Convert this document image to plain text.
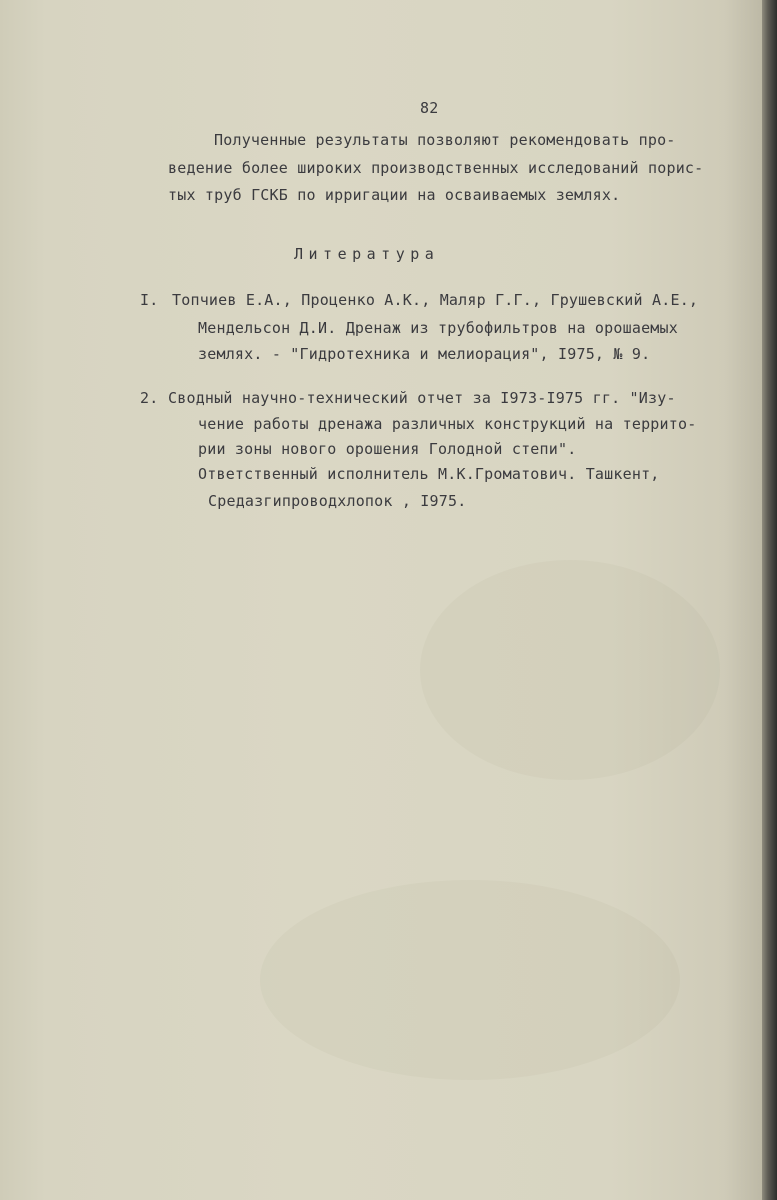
82
Полученные результаты позволяют рекомендовать про-
ведение более широких производственных исследований порис-
тых труб ГСКБ по ирригации на осваиваемых землях.
Литература
I. Топчиев Е.А., Проценко А.К., Маляр Г.Г., Грушевский А.Е.,
Мендельсон Д.И. Дренаж из трубофильтров на орошаемых
землях. - "Гидротехника и мелиорация", I975, № 9.
2. Сводный научно-технический отчет за I973-I975 гг. "Изу-
чение работы дренажа различных конструкций на террито-
рии зоны нового орошения Голодной степи".
Ответственный исполнитель М.К.Громатович. Ташкент,
Средазгипроводхлопок , I975.
